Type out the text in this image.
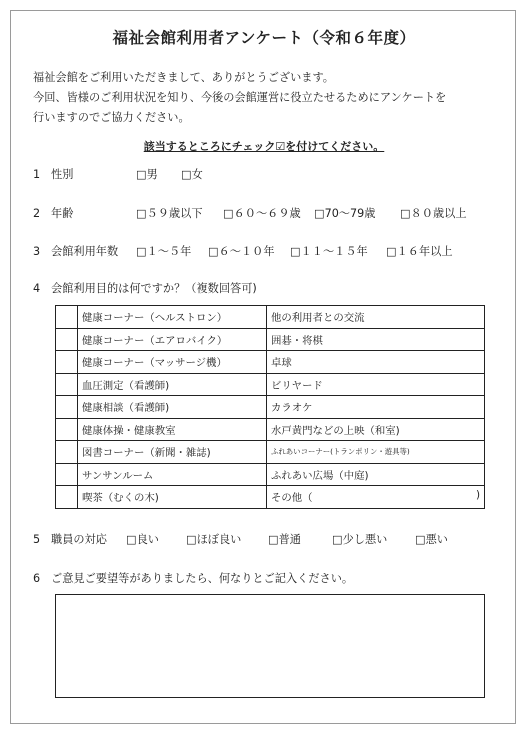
福祉会館利用者アンケート（令和６年度）
福祉会館をご利用いただきまして、ありがとうございます。
今回、皆様のご利用状況を知り、今後の会館運営に役立たせるためにアンケートを
行いますのでご協力ください。
該当するところにチェック☑を付けてください。
1 性別	□男 □女
2 年齢	□５９歳以下 □６０～６９歳 □70～79歳 □８０歳以上
3 会館利用年数 □１～５年 □６～１０年 □１１～１５年 □１６年以上
4 会館利用目的は何ですか？（複数回答可)
	健康コーナー（ヘルストロン）	他の利用者との交流
	健康コーナー（エアロバイク）	囲碁・将棋
	健康コーナー（マッサージ機）	卓球
	血圧測定（看護師)	ビリヤード
	健康相談（看護師)	カラオケ
	健康体操・健康教室	水戸黄門などの上映（和室)
	図書コーナー（新聞・雑誌)	ふれあいコーナー(トランポリン・遊具等)
	サンサンルーム	ふれあい広場（中庭)
	喫茶（むくの木)	その他（ )
5 職員の対応 □良い □ほぼ良い □普通	□少し悪い □悪い
6 ご意見ご要望等がありましたら、何なりとご記入ください。
